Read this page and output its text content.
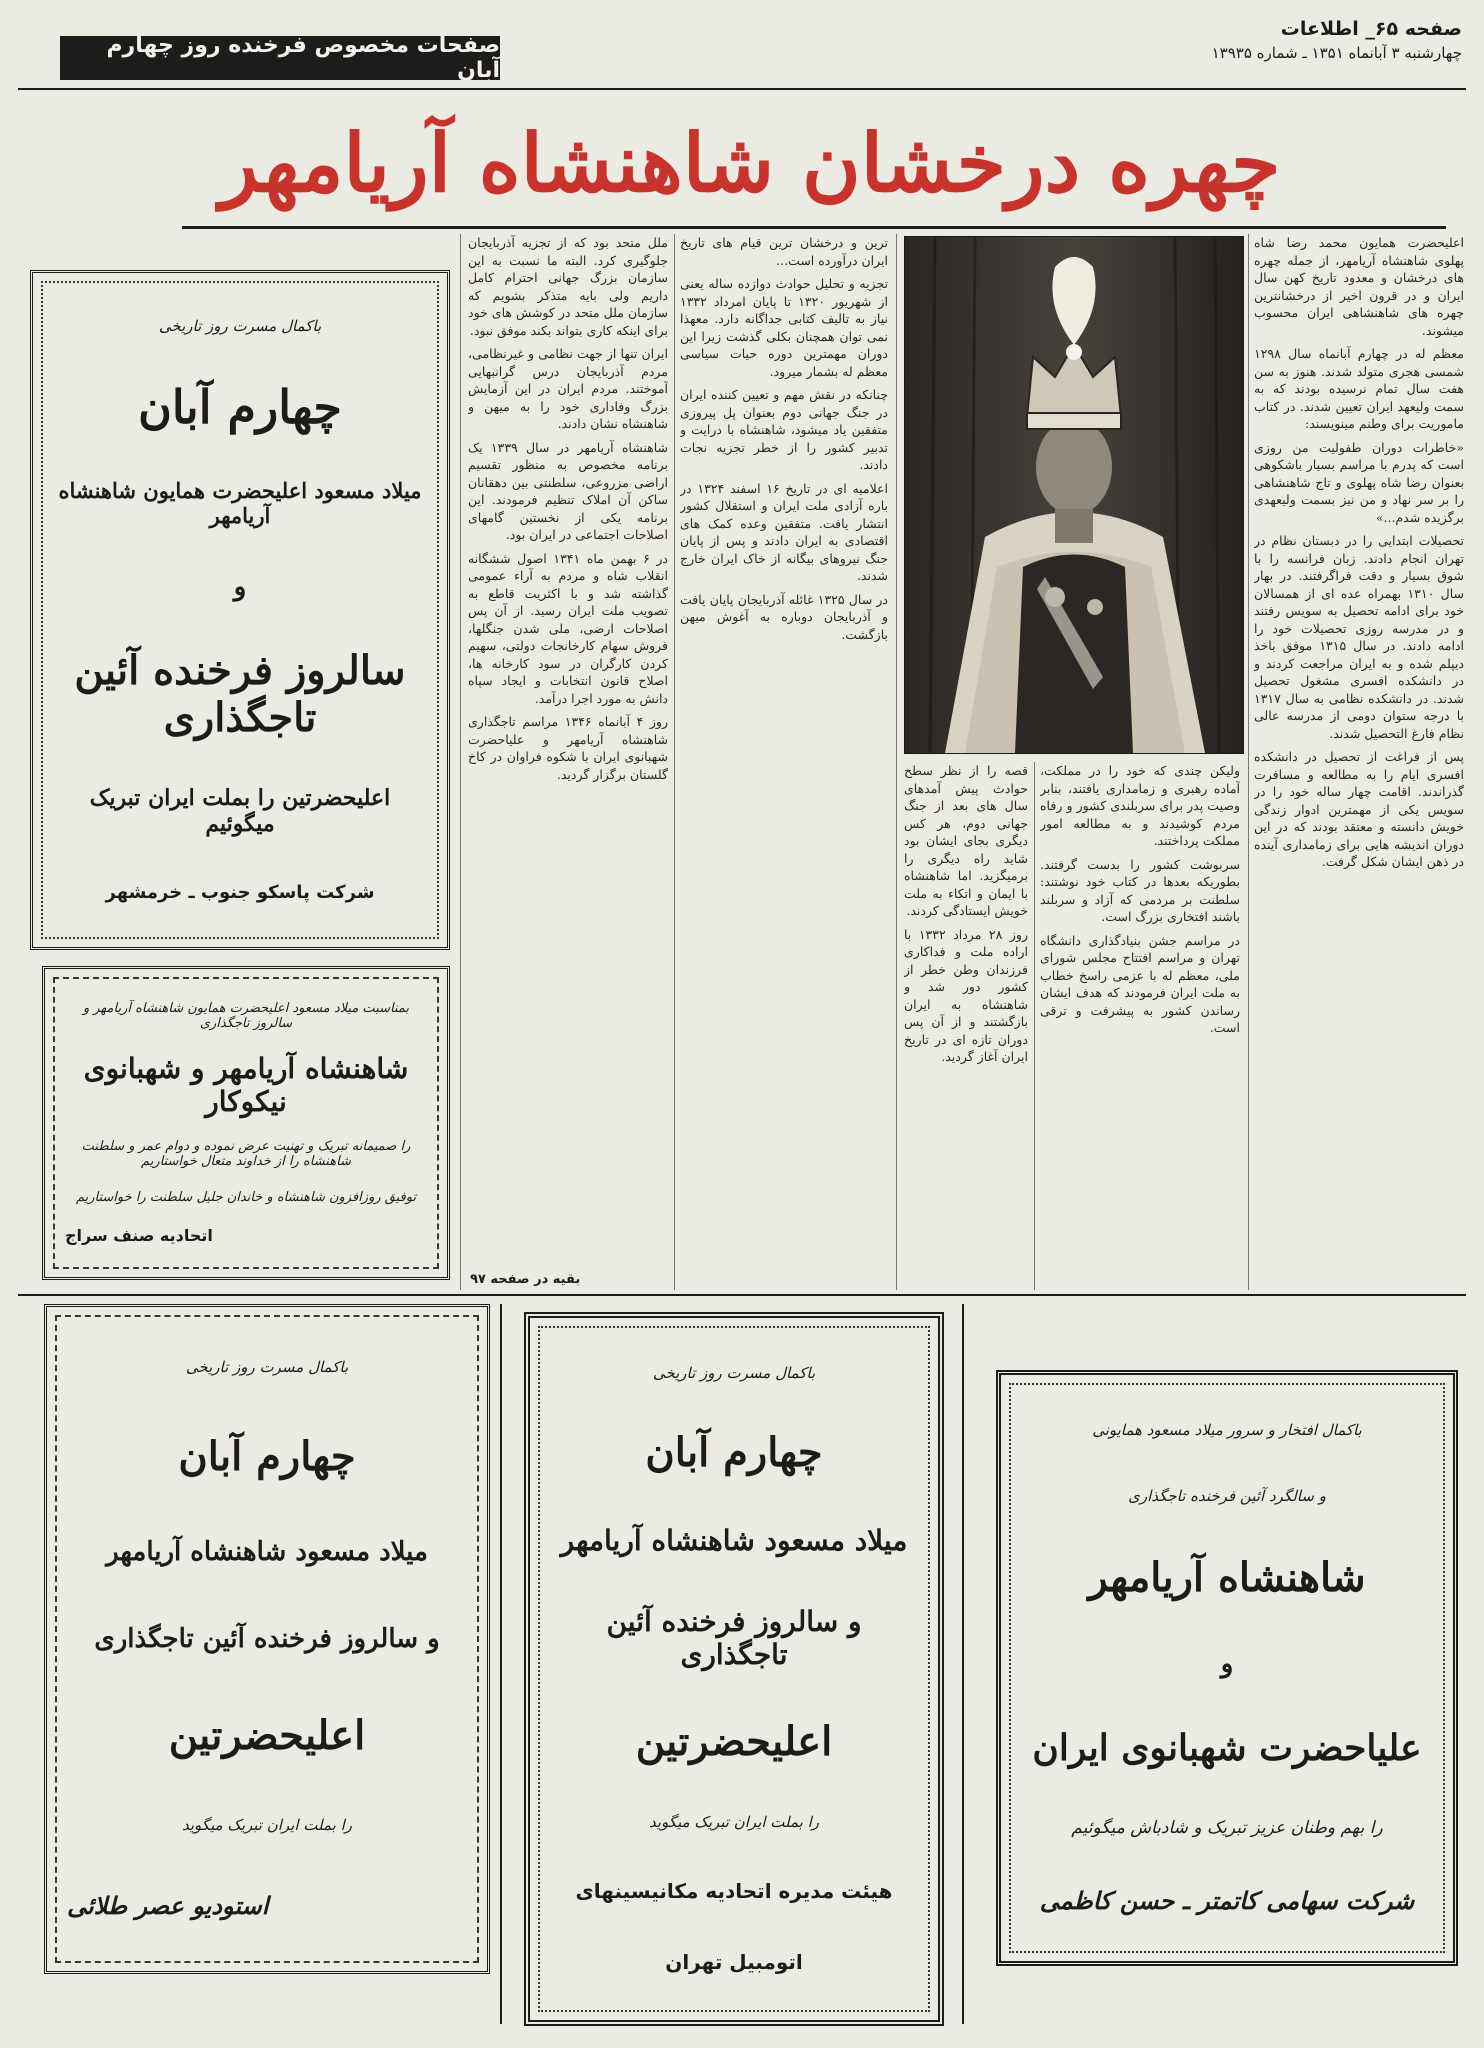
صفحه ۶۵_ اطلاعات
چهارشنبه ۳ آبانماه ۱۳۵۱ ـ شماره ۱۳۹۳۵
صفحات مخصوص فرخنده روز چهارم آبان
چهره درخشان شاهنشاه آریامهر

اعلیحضرت همایون محمد رضا شاه پهلوی شاهنشاه آریامهر، از جمله چهره های درخشان و معدود تاریخ کهن سال ایران و در قرون اخیر از درخشانترین چهره های شاهنشاهی ایران محسوب میشوند.

معظم له در چهارم آبانماه سال ۱۲۹۸ شمسی هجری متولد شدند. هنوز به سن هفت سال تمام نرسیده بودند که به سمت ولیعهد ایران تعیین شدند. در کتاب ماموریت برای وطنم مینویسند:

«خاطرات دوران طفولیت من روزی است که پدرم با مراسم بسیار باشکوهی بعنوان رضا شاه پهلوی و تاج شاهنشاهی را بر سر نهاد و من نیز بسمت ولیعهدی برگزیده شدم...»

تحصیلات ابتدایی را در دبستان نظام در تهران انجام دادند. زبان فرانسه را با شوق بسیار و دقت فراگرفتند. در بهار سال ۱۳۱۰ بهمراه عده ای از همسالان خود برای ادامه تحصیل به سویس رفتند و در مدرسه روزی تحصیلات خود را ادامه دادند. در سال ۱۳۱۵ موفق باخذ دیپلم شده و به ایران مراجعت کردند و در دانشکده افسری مشغول تحصیل شدند. در دانشکده نظامی به سال ۱۳۱۷ با درجه ستوان دومی از مدرسه عالی نظام فارغ التحصیل شدند.

پس از فراغت از تحصیل در دانشکده افسری ایام را به مطالعه و مسافرت گذراندند. اقامت چهار ساله خود را در سویس یکی از مهمترین ادوار زندگی خویش دانسته و معتقد بودند که در این دوران اندیشه هایی برای زمامداری آینده در ذهن ایشان شکل گرفت.

ولیکن چندی که خود را در مملکت، آماده رهبری و زمامداری یافتند، بنابر وصیت پدر برای سربلندی کشور و رفاه مردم کوشیدند و به مطالعه امور مملکت پرداختند.

سربوشت کشور را بدست گرفتند. بطوریکه بعدها در کتاب خود نوشتند: سلطنت بر مردمی که آزاد و سربلند باشند افتخاری بزرگ است.

در مراسم جشن بنیادگذاری دانشگاه تهران و مراسم افتتاح مجلس شورای ملی، معظم له با عزمی راسخ خطاب به ملت ایران فرمودند که هدف ایشان رساندن کشور به پیشرفت و ترقی است.

قصه را از نظر سطح حوادث پیش آمدهای سال های بعد از جنگ جهانی دوم، هر کس دیگری بجای ایشان بود شاید راه دیگری را برمیگزید. اما شاهنشاه با ایمان و اتکاء به ملت خویش ایستادگی کردند.

روز ۲۸ مرداد ۱۳۳۲ با اراده ملت و فداکاری فرزندان وطن خطر از کشور دور شد و شاهنشاه به ایران بازگشتند و از آن پس دوران تازه ای در تاریخ ایران آغاز گردید.

ترین و درخشان ترین قیام های تاریخ ایران درآورده است...

تجزیه و تحلیل حوادث دوازده ساله یعنی از شهریور ۱۳۲۰ تا پایان امرداد ۱۳۳۲ نیاز به تالیف کتابی جداگانه دارد. معهذا نمی توان همچنان بکلی گذشت زیرا این دوران مهمترین دوره حیات سیاسی معظم له بشمار میرود.

چنانکه در نقش مهم و تعیین کننده ایران در جنگ جهانی دوم بعنوان پل پیروزی متفقین یاد میشود، شاهنشاه با درایت و تدبیر کشور را از خطر تجزیه نجات دادند.

اعلامیه ای در تاریخ ۱۶ اسفند ۱۳۲۴ در باره آزادی ملت ایران و استقلال کشور انتشار یافت. متفقین وعده کمک های اقتصادی به ایران دادند و پس از پایان جنگ نیروهای بیگانه از خاک ایران خارج شدند.

در سال ۱۳۲۵ غائله آذربایجان پایان یافت و آذربایجان دوباره به آغوش میهن بازگشت.

ملل متحد بود که از تجزیه آذربایجان جلوگیری کرد. البته ما نسبت به این سازمان بزرگ جهانی احترام کامل داریم ولی بایه متذکر بشویم که سازمان ملل متحد در کوشش های خود برای اینکه کاری بتواند بکند موفق نبود.

ایران تنها از جهت نظامی و غیرنظامی، مردم آذربایجان درس گرانبهایی آموختند. مردم ایران در این آزمایش بزرگ وفاداری خود را به میهن و شاهنشاه نشان دادند.

شاهنشاه آریامهر در سال ۱۳۳۹ یک برنامه مخصوص به منظور تقسیم اراضی مزروعی، سلطنتی بین دهقانان ساکن آن املاک تنظیم فرمودند. این برنامه یکی از نخستین گامهای اصلاحات اجتماعی در ایران بود.

در ۶ بهمن ماه ۱۳۴۱ اصول ششگانه انقلاب شاه و مردم به آراء عمومی گذاشته شد و با اکثریت قاطع به تصویب ملت ایران رسید. از آن پس اصلاحات ارضی، ملی شدن جنگلها، فروش سهام کارخانجات دولتی، سهیم کردن کارگران در سود کارخانه ها، اصلاح قانون انتخابات و ایجاد سپاه دانش به مورد اجرا درآمد.

روز ۴ آبانماه ۱۳۴۶ مراسم تاجگذاری شاهنشاه آریامهر و علیاحضرت شهبانوی ایران با شکوه فراوان در کاخ گلستان برگزار گردید.

بقیه در صفحه ۹۷
باکمال مسرت روز تاریخی
چهارم آبان
میلاد مسعود اعلیحضرت همایون شاهنشاه آریامهر
و
سالروز فرخنده آئین تاجگذاری
اعلیحضرتین را بملت ایران تبریک میگوئیم
شرکت پاسکو جنوب ـ خرمشهر
بمناسبت میلاد مسعود اعلیحضرت همایون شاهنشاه آریامهر و سالروز تاجگذاری
شاهنشاه آریامهر و شهبانوی نیکوکار
را صمیمانه تبریک و تهنیت عرض نموده و دوام عمر و سلطنت شاهنشاه را از خداوند متعال خواستاریم
توفیق روزافزون شاهنشاه و خاندان جلیل سلطنت را خواستاریم
اتحادیه صنف سراج
باکمال مسرت روز تاریخی
چهارم آبان
میلاد مسعود شاهنشاه آریامهر
و سالروز فرخنده آئین تاجگذاری
اعلیحضرتین
را بملت ایران تبریک میگوید
استودیو عصر طلائی
باکمال مسرت روز تاریخی
چهارم آبان
میلاد مسعود شاهنشاه آریامهر
و سالروز فرخنده آئین تاجگذاری
اعلیحضرتین
را بملت ایران تبریک میگوید
هیئت مدیره اتحادیه مکانیسینهای
اتومبیل تهران
باکمال افتخار و سرور میلاد مسعود همایونی
و سالگرد آئین فرخنده تاجگذاری
شاهنشاه آریامهر
و
علیاحضرت شهبانوی ایران
را بهم وطنان عزیز تبریک و شادباش میگوئیم
شرکت سهامی کاتمتر ـ حسن کاظمی
